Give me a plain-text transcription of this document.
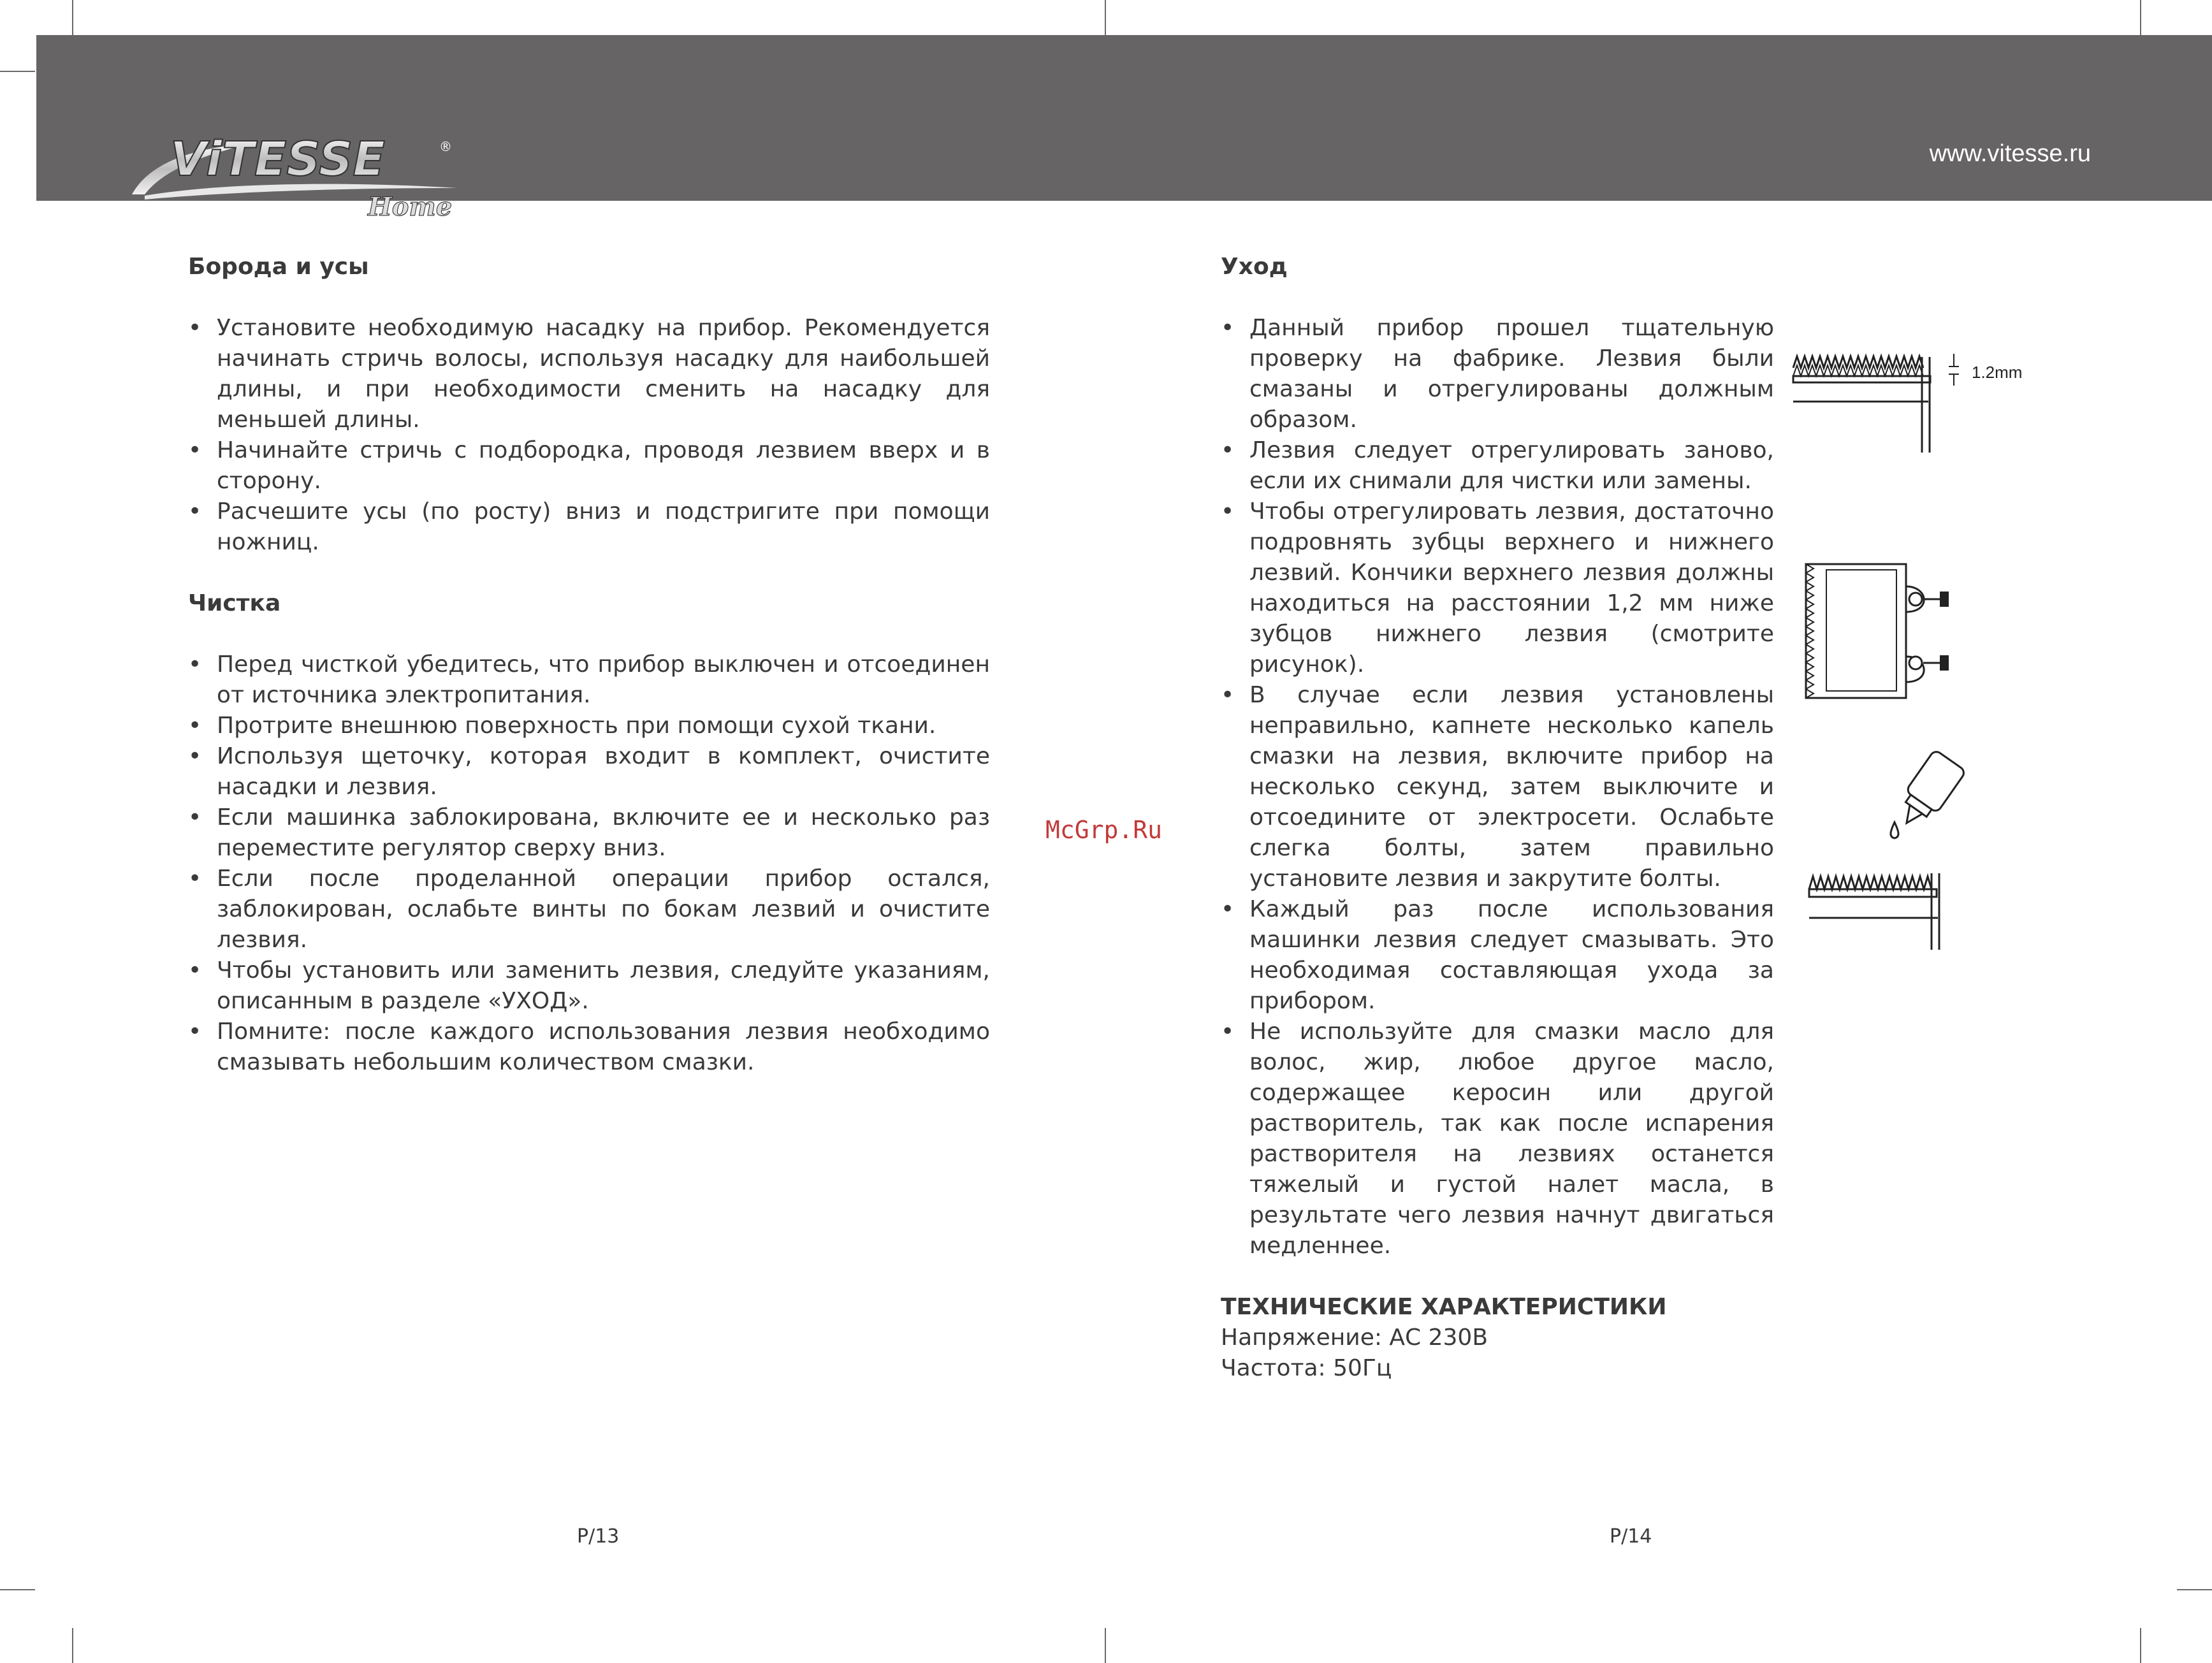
ViTESSE	®
Home
www.vitesse.ru

Борода и усы

• Установите необходимую насадку на прибор. Рекомендуется начинать стричь волосы, используя насадку для наибольшей длины, и при необходимости сменить на насадку для меньшей длины.
• Начинайте стричь с подбородка, проводя лезвием вверх и в сторону.
• Расчешите усы (по росту) вниз и подстригите при помощи ножниц.

Чистка

• Перед чисткой убедитесь, что прибор выключен и отсоединен от источника электропитания.
• Протрите внешнюю поверхность при помощи сухой ткани.
• Используя щеточку, которая входит в комплект, очистите насадки и лезвия.
• Если машинка заблокирована, включите ее и несколько раз переместите регулятор сверху вниз.
• Если после проделанной операции прибор остался, заблокирован, ослабьте винты по бокам лезвий и очистите лезвия.
• Чтобы установить или заменить лезвия, следуйте указаниям, описанным в разделе «УХОД».
• Помните: после каждого использования лезвия необходимо смазывать небольшим количеством смазки.
McGrp.Ru

Уход

• Данный прибор прошел тщательную проверку на фабрике. Лезвия были смазаны и отрегулированы должным образом.
• Лезвия следует отрегулировать заново, если их снимали для чистки или замены.
• Чтобы отрегулировать лезвия, достаточно подровнять зубцы верхнего и нижнего лезвий. Кончики верхнего лезвия должны находиться на расстоянии 1,2 мм ниже зубцов нижнего лезвия (смотрите рисунок).
• В случае если лезвия установлены неправильно, капнете несколько капель смазки на лезвия, включите прибор на несколько секунд, затем выключите и отсоедините от электросети. Ослабьте слегка болты, затем правильно установите лезвия и закрутите болты.
• Каждый раз после использования машинки лезвия следует смазывать. Это необходимая составляющая ухода за прибором.
• Не используйте для смазки масло для волос, жир, любое другое масло, содержащее керосин или другой растворитель, так как после испарения растворителя на лезвиях останется тяжелый и густой налет масла, в результате чего лезвия начнут двигаться медленнее.

ТЕХНИЧЕСКИЕ ХАРАКТЕРИСТИКИ

Напряжение: АС 230В

Частота: 50Гц

1.2mm
P/13	P/14
